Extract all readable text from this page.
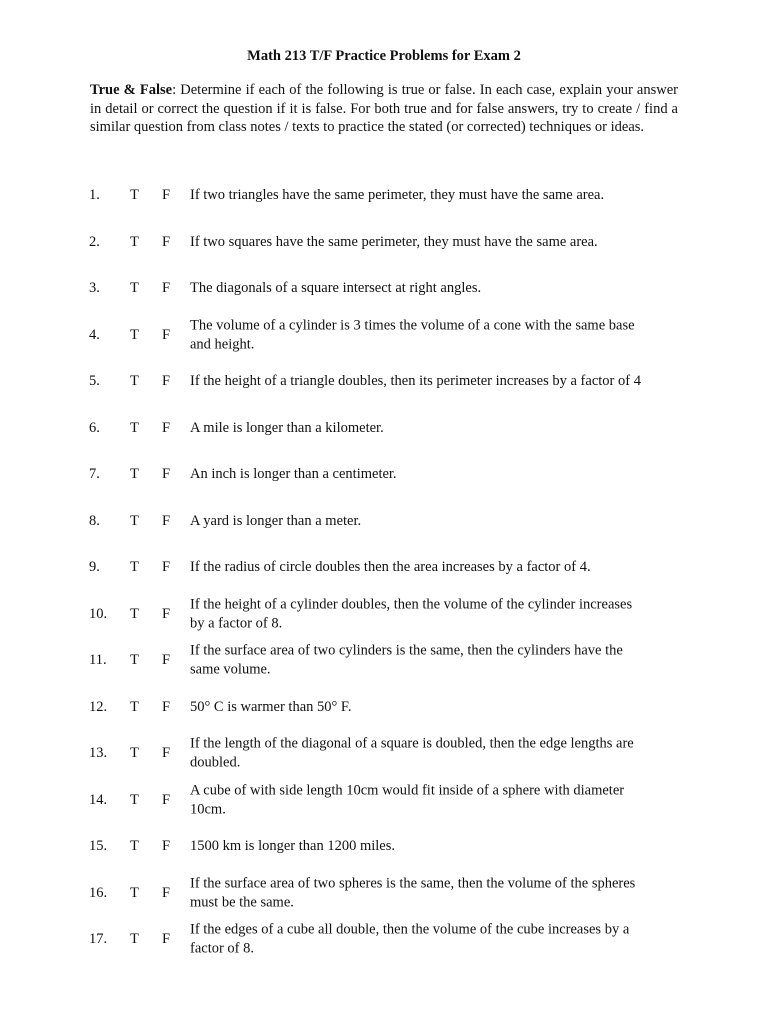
Math 213 T/F Practice Problems for Exam 2
True & False: Determine if each of the following is true or false. In each case, explain your answer in detail or correct the question if it is false. For both true and for false answers, try to create / find a similar question from class notes / texts to practice the stated (or corrected) techniques or ideas.
1. T F If two triangles have the same perimeter, they must have the same area.
2. T F If two squares have the same perimeter, they must have the same area.
3. T F The diagonals of a square intersect at right angles.
4. T F
The volume of a cylinder is 3 times the volume of a cone with the same base and height.
5. T F If the height of a triangle doubles, then its perimeter increases by a factor of 4
6. T F A mile is longer than a kilometer.
7. T F An inch is longer than a centimeter.
8. T F A yard is longer than a meter.
9. T F If the radius of circle doubles then the area increases by a factor of 4.
10. T F
If the height of a cylinder doubles, then the volume of the cylinder increases by a factor of 8.
11. T F
If the surface area of two cylinders is the same, then the cylinders have the same volume.
12. T F 50° C is warmer than 50° F.
13. T F
If the length of the diagonal of a square is doubled, then the edge lengths are doubled.
14. T F
A cube of with side length 10cm would fit inside of a sphere with diameter 10cm.
15. T F 1500 km is longer than 1200 miles.
16. T F
If the surface area of two spheres is the same, then the volume of the spheres must be the same.
17. T F
If the edges of a cube all double, then the volume of the cube increases by a factor of 8.
